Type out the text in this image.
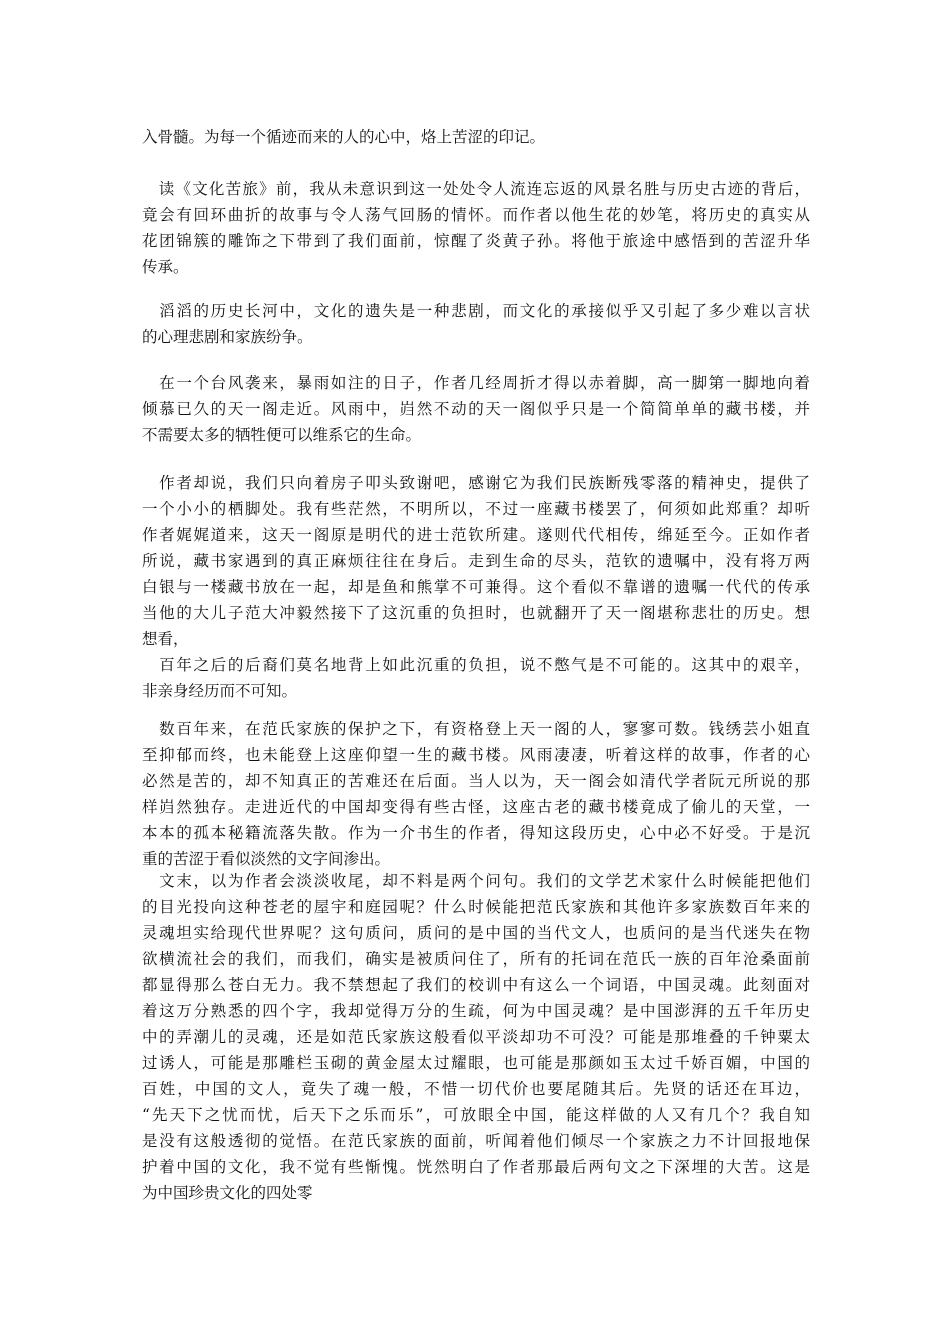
入骨髓。为每一个循迹而来的人的心中，烙上苦涩的印记。
　读《文化苦旅》前，我从未意识到这一处处令人流连忘返的风景名胜与历史古迹的背后，
竟会有回环曲折的故事与令人荡气回肠的情怀。而作者以他生花的妙笔，将历史的真实从
花团锦簇的雕饰之下带到了我们面前，惊醒了炎黄子孙。将他于旅途中感悟到的苦涩升华
传承。
　滔滔的历史长河中，文化的遗失是一种悲剧，而文化的承接似乎又引起了多少难以言状
的心理悲剧和家族纷争。
　在一个台风袭来，暴雨如注的日子，作者几经周折才得以赤着脚，高一脚第一脚地向着
倾慕已久的天一阁走近。风雨中，岿然不动的天一阁似乎只是一个简简单单的藏书楼，并
不需要太多的牺牲便可以维系它的生命。
　作者却说，我们只向着房子叩头致谢吧，感谢它为我们民族断残零落的精神史，提供了
一个小小的栖脚处。我有些茫然，不明所以，不过一座藏书楼罢了，何须如此郑重？却听
作者娓娓道来，这天一阁原是明代的进士范钦所建。遂则代代相传，绵延至今。正如作者
所说，藏书家遇到的真正麻烦往往在身后。走到生命的尽头，范钦的遗嘱中，没有将万两
白银与一楼藏书放在一起，却是鱼和熊掌不可兼得。这个看似不靠谱的遗嘱一代代的传承
当他的大儿子范大冲毅然接下了这沉重的负担时，也就翻开了天一阁堪称悲壮的历史。想
想看，
　百年之后的后裔们莫名地背上如此沉重的负担，说不憋气是不可能的。这其中的艰辛，
非亲身经历而不可知。
　数百年来，在范氏家族的保护之下，有资格登上天一阁的人，寥寥可数。钱绣芸小姐直
至抑郁而终，也未能登上这座仰望一生的藏书楼。风雨凄凄，听着这样的故事，作者的心
必然是苦的，却不知真正的苦难还在后面。当人以为，天一阁会如清代学者阮元所说的那
样岿然独存。走进近代的中国却变得有些古怪，这座古老的藏书楼竟成了偷儿的天堂，一
本本的孤本秘籍流落失散。作为一介书生的作者，得知这段历史，心中必不好受。于是沉
重的苦涩于看似淡然的文字间渗出。
　文末，以为作者会淡淡收尾，却不料是两个问句。我们的文学艺术家什么时候能把他们
的目光投向这种苍老的屋宇和庭园呢？什么时候能把范氏家族和其他许多家族数百年来的
灵魂坦实给现代世界呢？这句质问，质问的是中国的当代文人，也质问的是当代迷失在物
欲横流社会的我们，而我们，确实是被质问住了，所有的托词在范氏一族的百年沧桑面前
都显得那么苍白无力。我不禁想起了我们的校训中有这么一个词语，中国灵魂。此刻面对
着这万分熟悉的四个字，我却觉得万分的生疏，何为中国灵魂？是中国澎湃的五千年历史
中的弄潮儿的灵魂，还是如范氏家族这般看似平淡却功不可没？可能是那堆叠的千钟粟太
过诱人，可能是那雕栏玉砌的黄金屋太过耀眼，也可能是那颜如玉太过千娇百媚，中国的
百姓，中国的文人，竟失了魂一般，不惜一切代价也要尾随其后。先贤的话还在耳边，
“先天下之忧而忧，后天下之乐而乐”，可放眼全中国，能这样做的人又有几个？我自知
是没有这般透彻的觉悟。在范氏家族的面前，听闻着他们倾尽一个家族之力不计回报地保
护着中国的文化，我不觉有些惭愧。恍然明白了作者那最后两句文之下深埋的大苦。这是
为中国珍贵文化的四处零
